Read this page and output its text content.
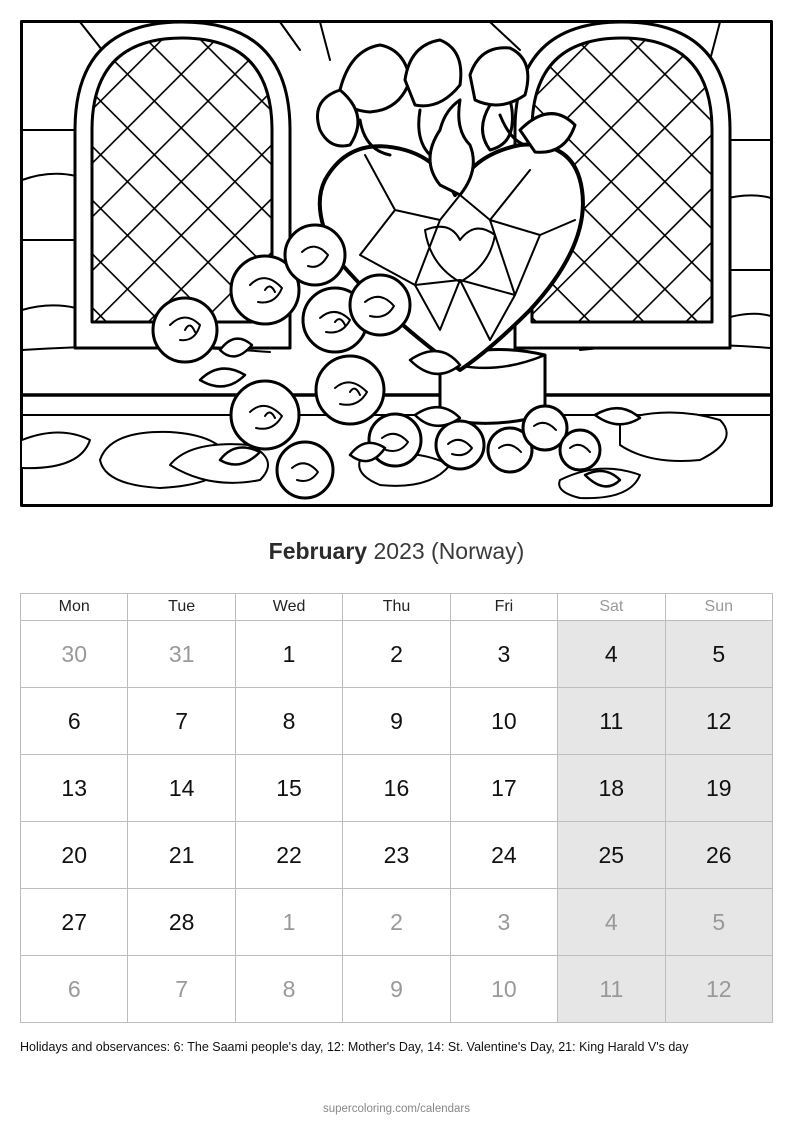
February 2023 (Norway)
Mon	Tue	Wed	Thu	Fri	Sat	Sun
30	31	1	2	3	4	5
6	7	8	9	10	11	12
13	14	15	16	17	18	19
20	21	22	23	24	25	26
27	28	1	2	3	4	5
6	7	8	9	10	11	12
Holidays and observances: 6: The Saami people's day, 12: Mother's Day, 14: St. Valentine's Day, 21: King Harald V's day
supercoloring.com/calendars
